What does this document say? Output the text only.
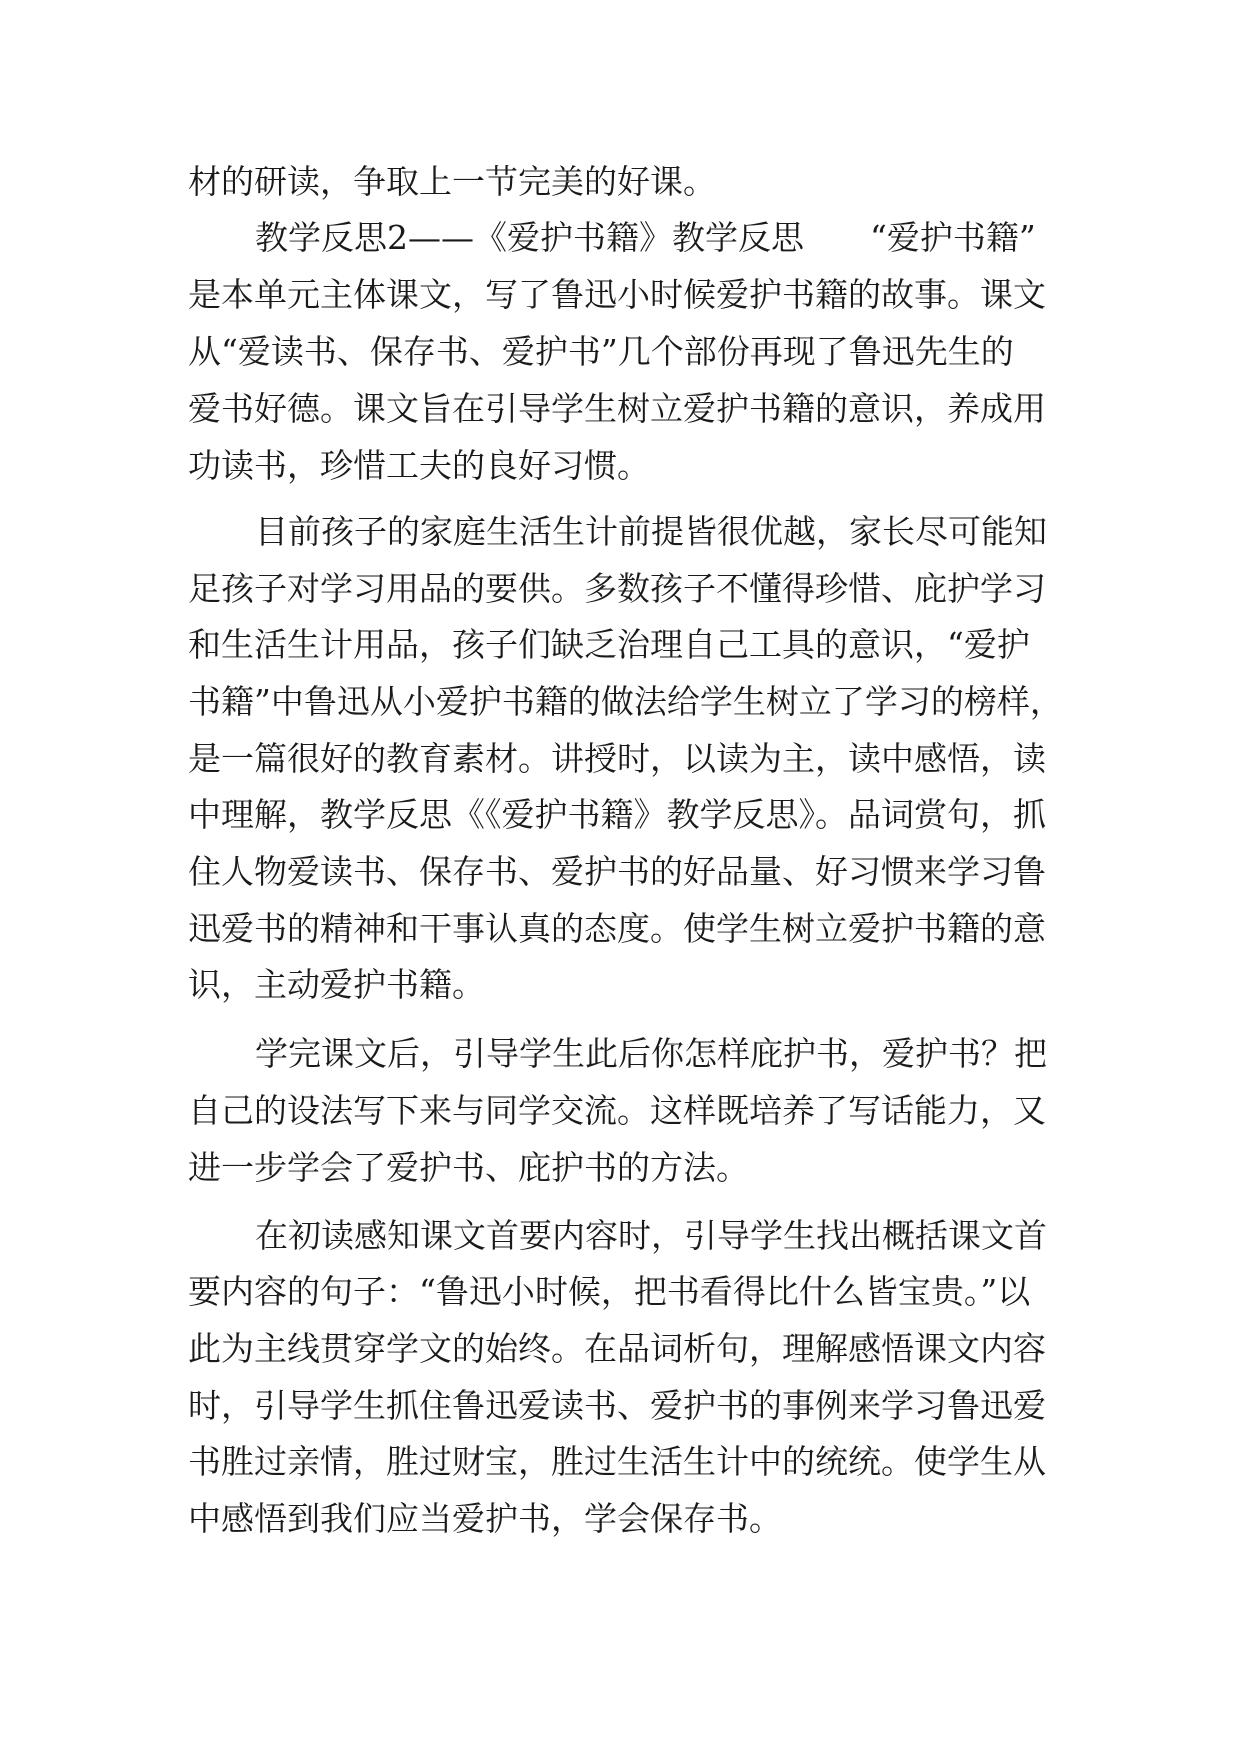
材的研读，争取上一节完美的好课。
教学反思2——《爱护书籍》教学反思　　“爱护书籍”
是本单元主体课文，写了鲁迅小时候爱护书籍的故事。课文
从“爱读书、保存书、爱护书”几个部份再现了鲁迅先生的
爱书好德。课文旨在引导学生树立爱护书籍的意识，养成用
功读书，珍惜工夫的良好习惯。
目前孩子的家庭生活生计前提皆很优越，家长尽可能知
足孩子对学习用品的要供。多数孩子不懂得珍惜、庇护学习
和生活生计用品，孩子们缺乏治理自己工具的意识，“爱护
书籍”中鲁迅从小爱护书籍的做法给学生树立了学习的榜样，
是一篇很好的教育素材。讲授时，以读为主，读中感悟，读
中理解，教学反思《《爱护书籍》教学反思》。品词赏句，抓
住人物爱读书、保存书、爱护书的好品量、好习惯来学习鲁
迅爱书的精神和干事认真的态度。使学生树立爱护书籍的意
识，主动爱护书籍。
学完课文后，引导学生此后你怎样庇护书，爱护书？把
自己的设法写下来与同学交流。这样既培养了写话能力，又
进一步学会了爱护书、庇护书的方法。
在初读感知课文首要内容时，引导学生找出概括课文首
要内容的句子：“鲁迅小时候，把书看得比什么皆宝贵。”以
此为主线贯穿学文的始终。在品词析句，理解感悟课文内容
时，引导学生抓住鲁迅爱读书、爱护书的事例来学习鲁迅爱
书胜过亲情，胜过财宝，胜过生活生计中的统统。使学生从
中感悟到我们应当爱护书，学会保存书。
